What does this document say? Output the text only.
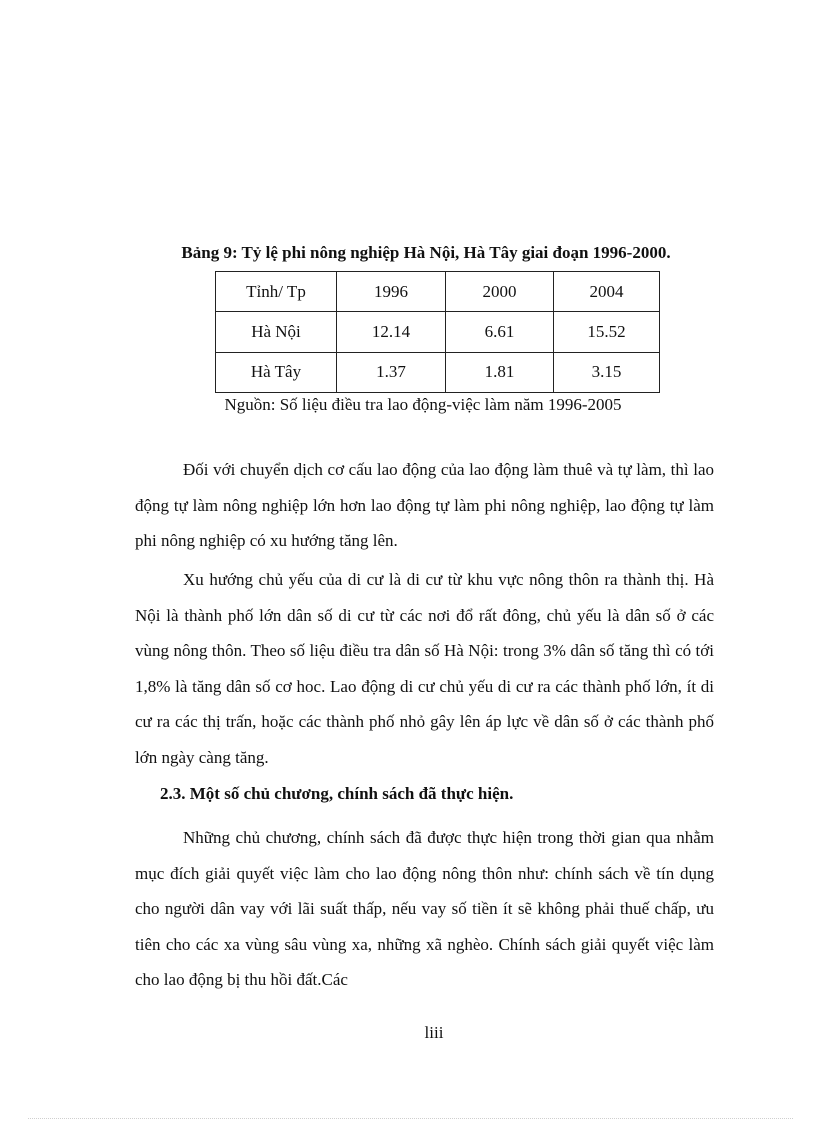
Bảng 9: Tỷ lệ phi nông nghiệp Hà Nội, Hà Tây giai đoạn 1996-2000.
Tỉnh/ Tp	1996	2000	2004
Hà Nội	12.14	6.61	15.52
Hà Tây	1.37	1.81	3.15
Nguồn: Số liệu điều tra lao động-việc làm năm 1996-2005

Đối với chuyển dịch cơ cấu lao động của lao động làm thuê và tự làm, thì lao động tự làm nông nghiệp lớn hơn lao động tự làm phi nông nghiệp, lao động tự làm phi nông nghiệp có xu hướng tăng lên.

Xu hướng chủ yếu của di cư là di cư từ khu vực nông thôn ra thành thị. Hà Nội là thành phố lớn dân số di cư từ các nơi đổ rất đông, chủ yếu là dân số ở các vùng nông thôn. Theo số liệu điều tra dân số Hà Nội: trong 3% dân số tăng thì có tới 1,8% là tăng dân số cơ hoc. Lao động di cư chủ yếu di cư ra các thành phố lớn, ít di cư ra các thị trấn, hoặc các thành phố nhỏ gây lên áp lực về dân số ở các thành phố lớn ngày càng tăng.

2.3. Một số chủ chương, chính sách đã thực hiện.

Những chủ chương, chính sách đã được thực hiện trong thời gian qua nhằm mục đích giải quyết việc làm cho lao động nông thôn như: chính sách về tín dụng cho người dân vay với lãi suất thấp, nếu vay số tiền ít sẽ không phải thuế chấp, ưu tiên cho các xa vùng sâu vùng xa, những xã nghèo. Chính sách giải quyết việc làm cho lao động bị thu hồi đất.Các

liii
